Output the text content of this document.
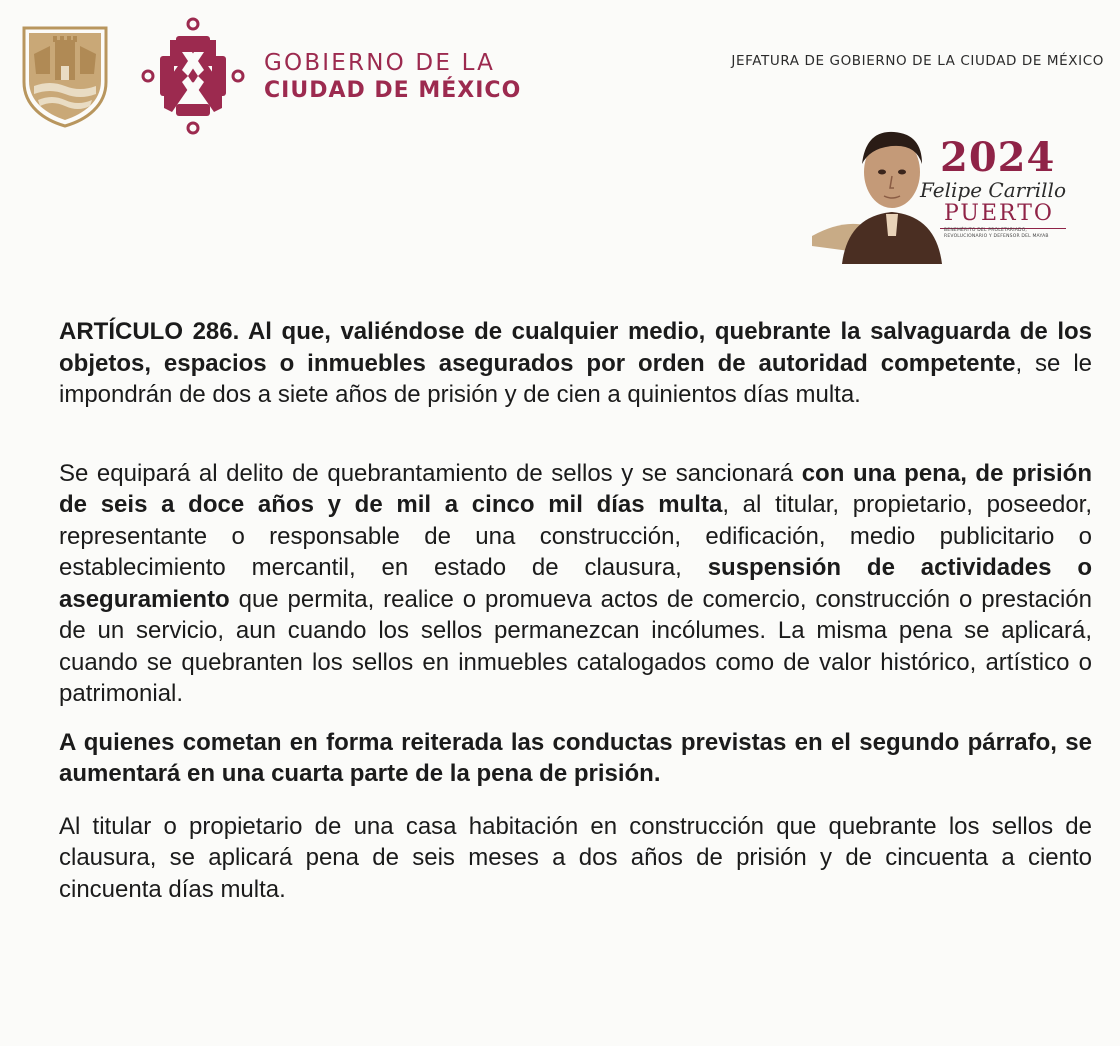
GOBIERNO DE LA
CIUDAD DE MÉXICO
JEFATURA DE GOBIERNO DE LA CIUDAD DE MÉXICO
2024
Felipe Carrillo
PUERTO
BENEMÉRITO DEL PROLETARIADO, REVOLUCIONARIO Y DEFENSOR DEL MAYAB

ARTÍCULO 286. Al que, valiéndose de cualquier medio, quebrante la salvaguarda de los objetos, espacios o inmuebles asegurados por orden de autoridad competente, se le impondrán de dos a siete años de prisión y de cien a quinientos días multa.

Se equipará al delito de quebrantamiento de sellos y se sancionará con una pena, de prisión de seis a doce años y de mil a cinco mil días multa, al titular, propietario, poseedor, representante o responsable de una construcción, edificación, medio publicitario o establecimiento mercantil, en estado de clausura, suspensión de actividades o aseguramiento que permita, realice o promueva actos de comercio, construcción o prestación de un servicio, aun cuando los sellos permanezcan incólumes. La misma pena se aplicará, cuando se quebranten los sellos en inmuebles catalogados como de valor histórico, artístico o patrimonial.

A quienes cometan en forma reiterada las conductas previstas en el segundo párrafo, se aumentará en una cuarta parte de la pena de prisión.

Al titular o propietario de una casa habitación en construcción que quebrante los sellos de clausura, se aplicará pena de seis meses a dos años de prisión y de cincuenta a ciento cincuenta días multa.
